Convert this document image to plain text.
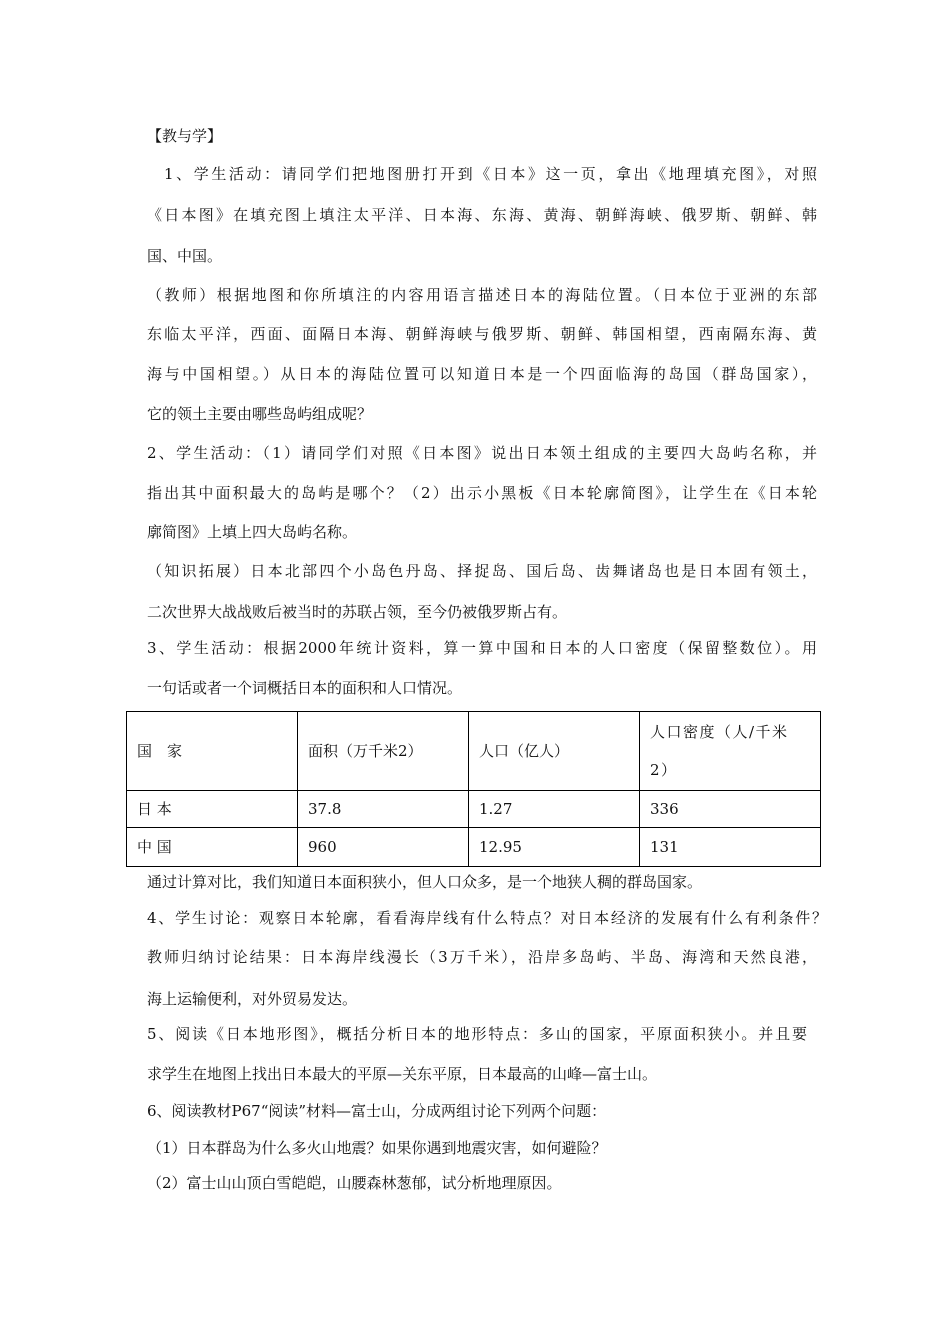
【教与学】
1、学生活动：请同学们把地图册打开到《日本》这一页，拿出《地理填充图》，对照
《日本图》在填充图上填注太平洋、日本海、东海、黄海、朝鲜海峡、俄罗斯、朝鲜、韩
国、中国。
（教师）根据地图和你所填注的内容用语言描述日本的海陆位置。（日本位于亚洲的东部
东临太平洋，西面、面隔日本海、朝鲜海峡与俄罗斯、朝鲜、韩国相望，西南隔东海、黄
海与中国相望。）从日本的海陆位置可以知道日本是一个四面临海的岛国（群岛国家），
它的领土主要由哪些岛屿组成呢？
2、学生活动：（1）请同学们对照《日本图》说出日本领土组成的主要四大岛屿名称，并
指出其中面积最大的岛屿是哪个？（2）出示小黑板《日本轮廓简图》，让学生在《日本轮
廓简图》上填上四大岛屿名称。
（知识拓展）日本北部四个小岛色丹岛、择捉岛、国后岛、齿舞诸岛也是日本固有领土，
二次世界大战战败后被当时的苏联占领，至今仍被俄罗斯占有。
3、学生活动：根据2000年统计资料，算一算中国和日本的人口密度（保留整数位）。用
一句话或者一个词概括日本的面积和人口情况。
国　家	面积（万千米2）	人口（亿人）	人口密度（人/千米
2）

日 本	37.8	1.27	336
中 国	960	12.95	131
通过计算对比，我们知道日本面积狭小，但人口众多，是一个地狭人稠的群岛国家。
4、学生讨论：观察日本轮廓，看看海岸线有什么特点？对日本经济的发展有什么有利条件？
教师归纳讨论结果：日本海岸线漫长（3万千米），沿岸多岛屿、半岛、海湾和天然良港，
海上运输便利，对外贸易发达。
5、阅读《日本地形图》，概括分析日本的地形特点：多山的国家，平原面积狭小。并且要
求学生在地图上找出日本最大的平原—关东平原，日本最高的山峰—富士山。
6、阅读教材P67“阅读”材料—富士山，分成两组讨论下列两个问题：
（1）日本群岛为什么多火山地震？如果你遇到地震灾害，如何避险？
（2）富士山山顶白雪皑皑，山腰森林葱郁，试分析地理原因。
